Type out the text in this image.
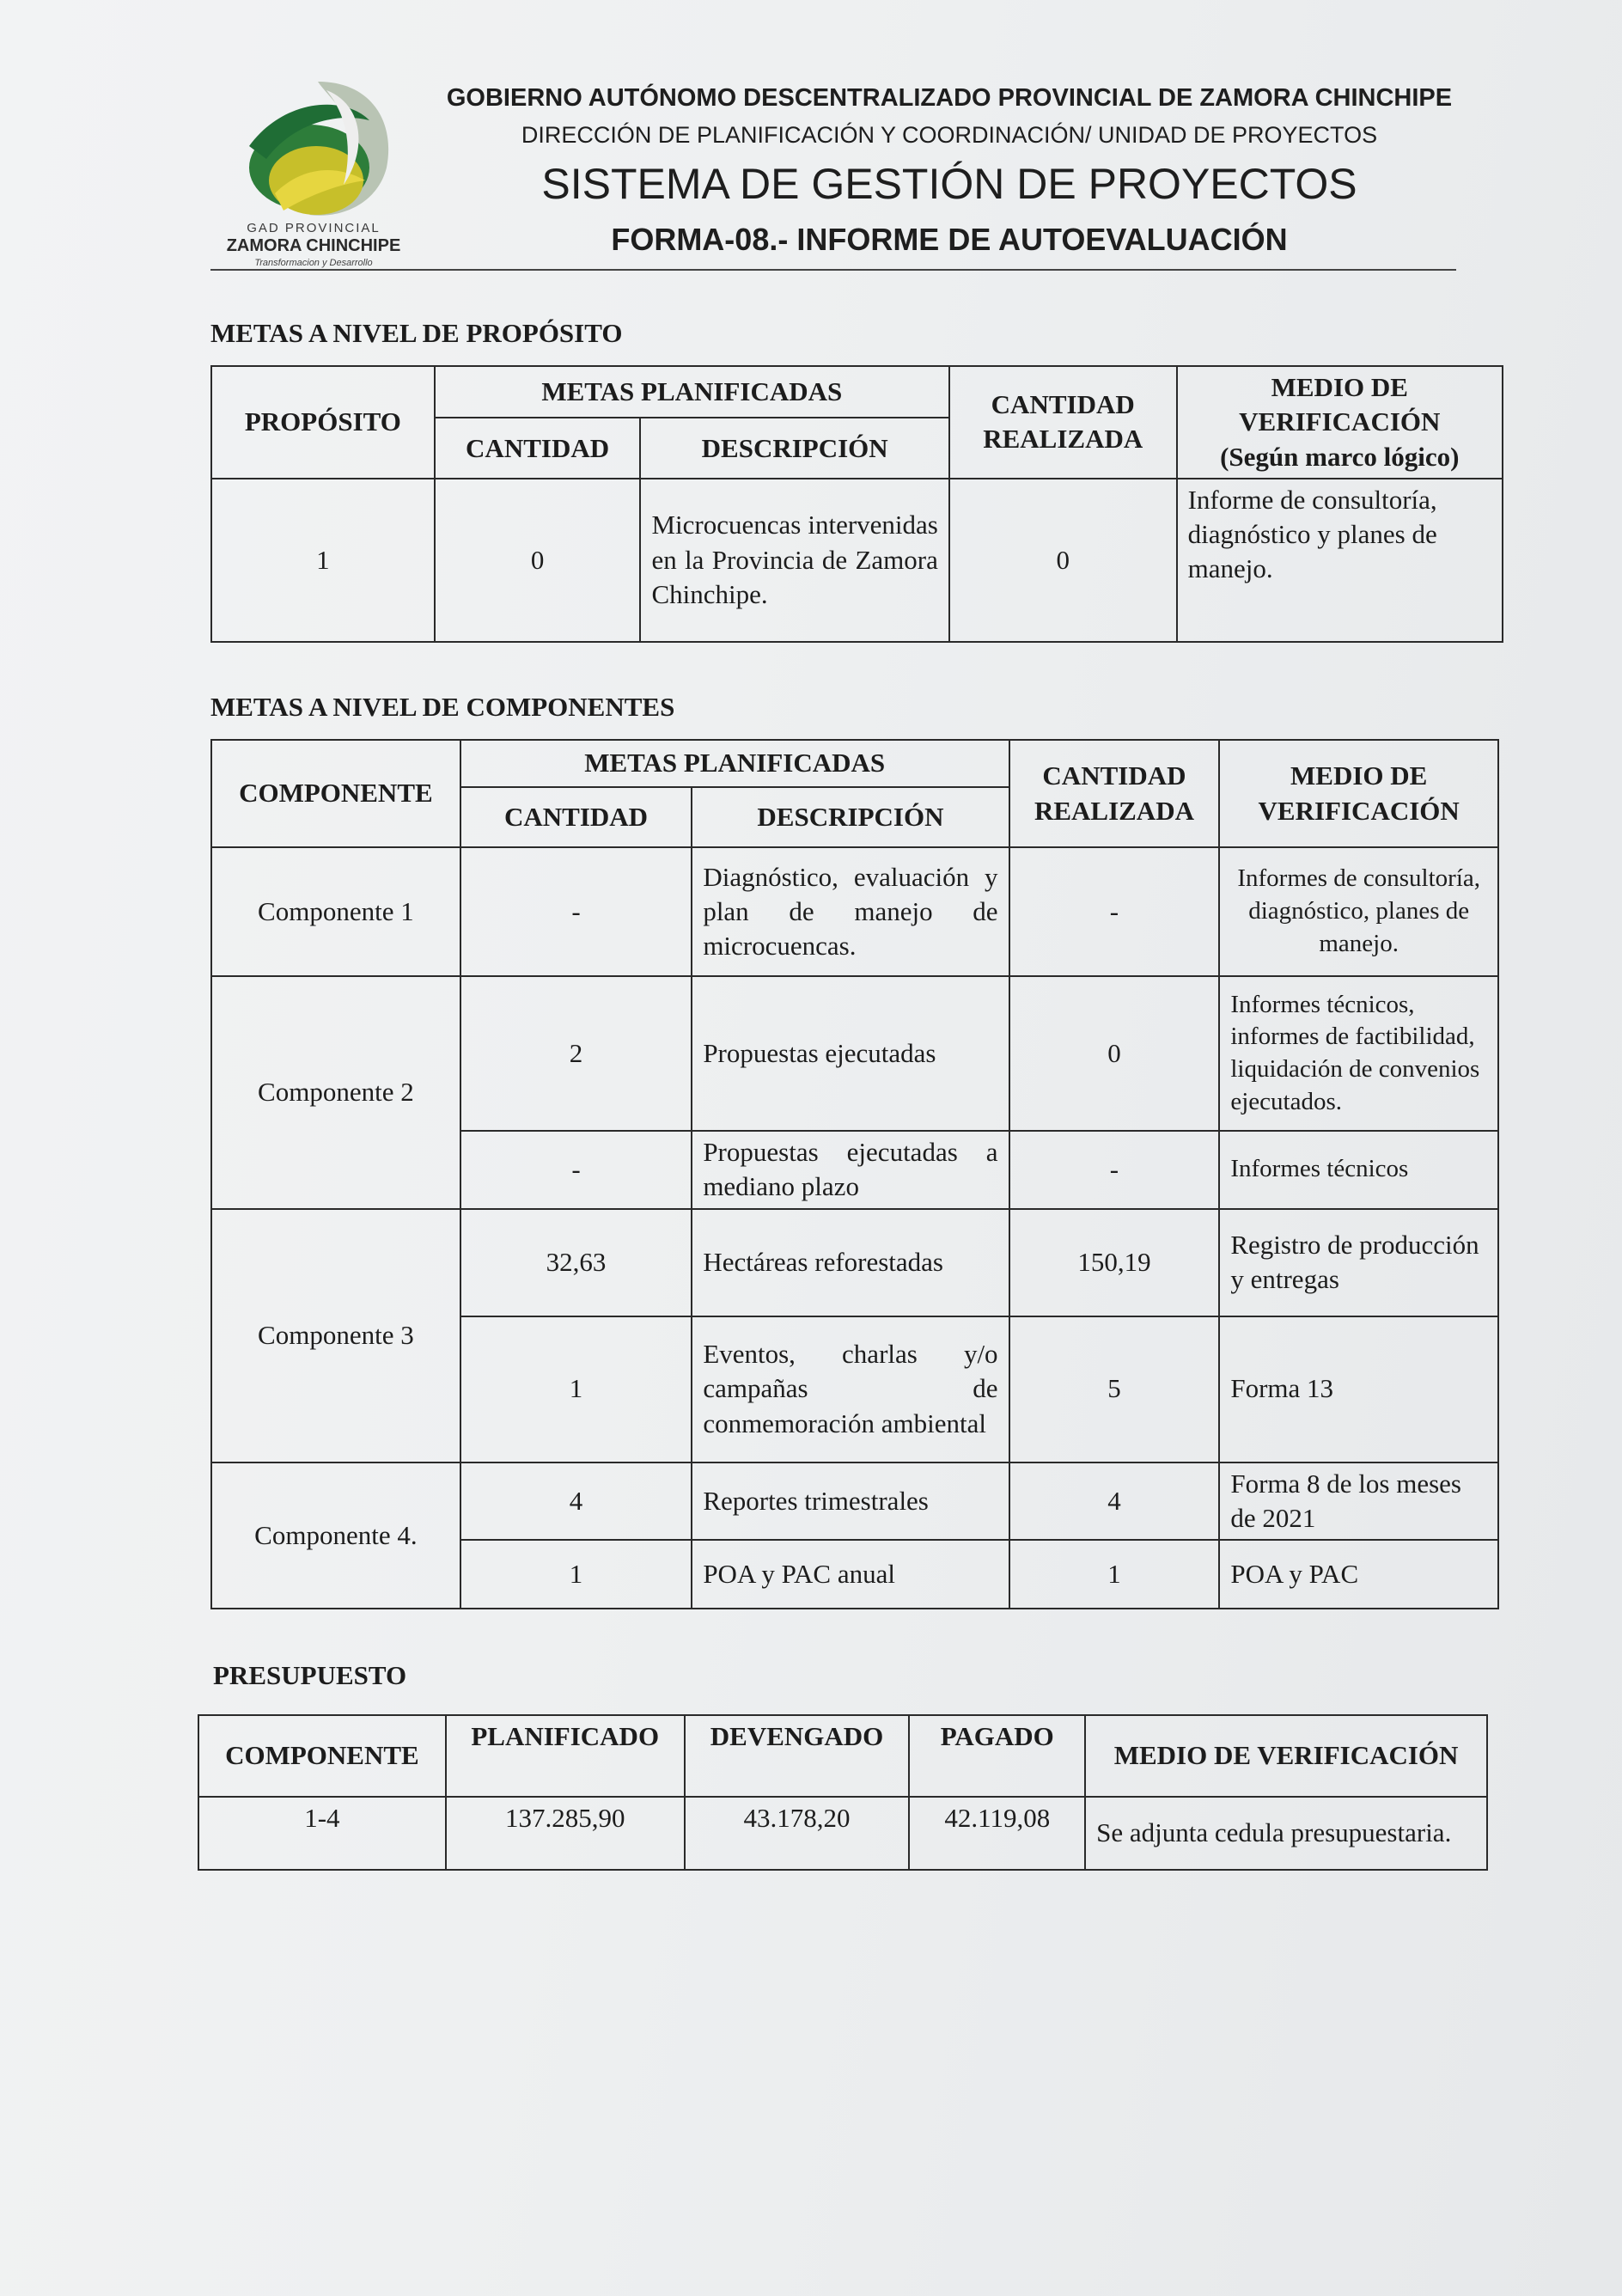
GAD PROVINCIAL
ZAMORA CHINCHIPE
Transformacion y Desarrollo
GOBIERNO AUTÓNOMO DESCENTRALIZADO PROVINCIAL DE ZAMORA CHINCHIPE
DIRECCIÓN DE PLANIFICACIÓN Y COORDINACIÓN/ UNIDAD DE PROYECTOS
SISTEMA DE GESTIÓN DE PROYECTOS
FORMA-08.- INFORME DE AUTOEVALUACIÓN
METAS A NIVEL DE PROPÓSITO
PROPÓSITO	METAS PLANIFICADAS		CANTIDAD REALIZADA	MEDIO DE VERIFICACIÓN
(Según marco lógico)

	CANTIDAD	DESCRIPCIÓN		
1	0	Microcuencas intervenidas en la Provincia de Zamora Chinchipe.	0	Informe de consultoría, diagnóstico y planes de manejo.
METAS A NIVEL DE COMPONENTES
COMPONENTE	METAS PLANIFICADAS		CANTIDAD REALIZADA	MEDIO DE VERIFICACIÓN
	CANTIDAD	DESCRIPCIÓN		
Componente 1	-	Diagnóstico, evaluación y plan de manejo de microcuencas.	-	Informes de consultoría, diagnóstico, planes de manejo.
Componente 2	2	Propuestas ejecutadas	0	Informes técnicos, informes de factibilidad, liquidación de convenios ejecutados.
	-	Propuestas ejecutadas a mediano plazo	-	Informes técnicos
Componente 3	32,63	Hectáreas reforestadas	150,19	Registro de producción y entregas
	1	Eventos, charlas y/o campañas de conmemoración ambiental	5	Forma 13
Componente 4.	4	Reportes trimestrales	4	Forma 8 de los meses de 2021
	1	POA y PAC anual	1	POA y PAC
PRESUPUESTO
COMPONENTE	PLANIFICADO	DEVENGADO	PAGADO	MEDIO DE VERIFICACIÓN
1-4	137.285,90	43.178,20	42.119,08	Se adjunta cedula presupuestaria.
